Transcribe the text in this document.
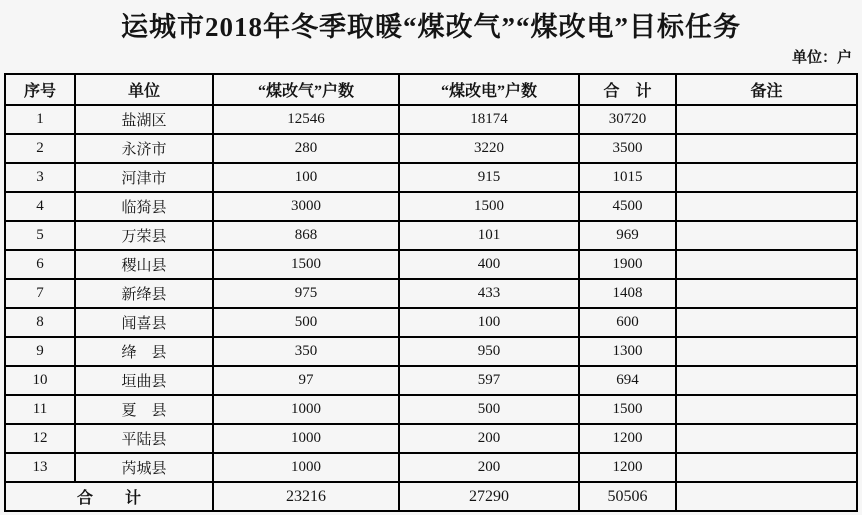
运城市2018年冬季取暖“煤改气”“煤改电”目标任务
单位：户
序号	单位	“煤改气”户数	“煤改电”户数	合　计	备注
1	盐湖区	12546	18174	30720	
2	永济市	280	3220	3500	
3	河津市	100	915	1015	
4	临猗县	3000	1500	4500	
5	万荣县	868	101	969	
6	稷山县	1500	400	1900	
7	新绛县	975	433	1408	
8	闻喜县	500	100	600	
9	绛　县	350	950	1300	
10	垣曲县	97	597	694	
11	夏　县	1000	500	1500	
12	平陆县	1000	200	1200	
13	芮城县	1000	200	1200	
合　　计		23216	27290	50506	
